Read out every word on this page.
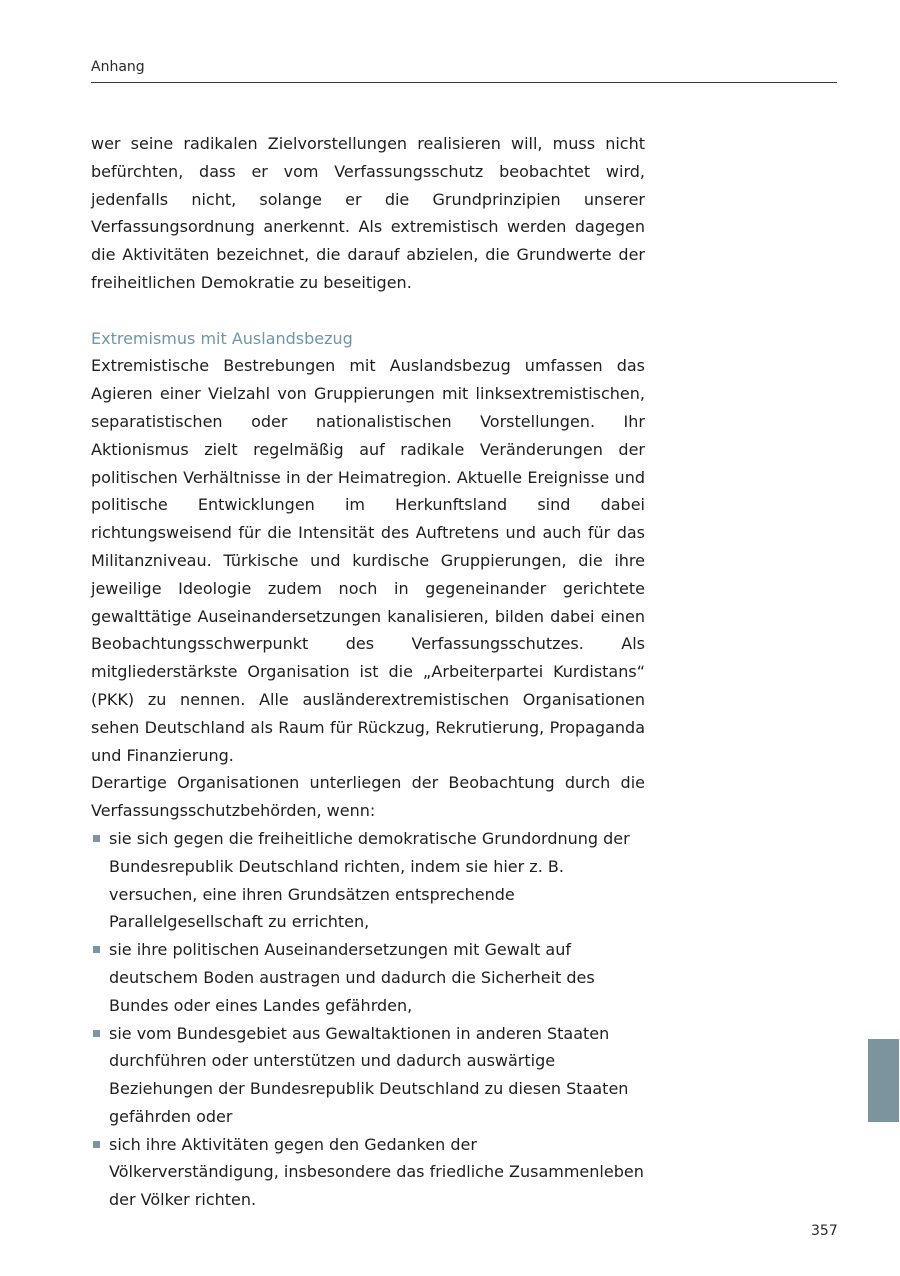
Anhang

wer seine radikalen Zielvorstellungen realisieren will, muss nicht befürchten, dass er vom Verfassungsschutz beobachtet wird, jedenfalls nicht, solange er die Grundprinzipien unserer Verfassungsordnung anerkennt. Als extremistisch werden dagegen die Aktivitäten bezeichnet, die darauf abzielen, die Grundwerte der freiheitlichen Demokratie zu beseitigen.

Extremismus mit Auslandsbezug

Extremistische Bestrebungen mit Auslandsbezug umfassen das Agieren einer Vielzahl von Gruppierungen mit linksextremistischen, separatistischen oder nationalistischen Vorstellungen. Ihr Aktionismus zielt regelmäßig auf radikale Veränderungen der politischen Verhältnisse in der Heimatregion. Aktuelle Ereignisse und politische Entwicklungen im Herkunftsland sind dabei richtungsweisend für die Intensität des Auftretens und auch für das Militanzniveau. Türkische und kurdische Gruppierungen, die ihre jeweilige Ideologie zudem noch in gegeneinander gerichtete gewalttätige Auseinandersetzungen kanalisieren, bilden dabei einen Beobachtungsschwerpunkt des Verfassungsschutzes. Als mitgliederstärkste Organisation ist die „Arbeiterpartei Kurdistans“ (PKK) zu nennen. Alle ausländerextremistischen Organisationen sehen Deutschland als Raum für Rückzug, Rekrutierung, Propaganda und Finanzierung.

Derartige Organisationen unterliegen der Beobachtung durch die Verfassungsschutzbehörden, wenn:

sie sich gegen die freiheitliche demokratische Grundordnung der Bundesrepublik Deutschland richten, indem sie hier z. B. versuchen, eine ihren Grundsätzen entsprechende Parallelgesellschaft zu errichten,
sie ihre politischen Auseinandersetzungen mit Gewalt auf deutschem Boden austragen und dadurch die Sicherheit des Bundes oder eines Landes gefährden,
sie vom Bundesgebiet aus Gewaltaktionen in anderen Staaten durchführen oder unterstützen und dadurch auswärtige Beziehungen der Bundesrepublik Deutschland zu diesen Staaten gefährden oder
sich ihre Aktivitäten gegen den Gedanken der Völkerverständigung, insbesondere das friedliche Zusammenleben der Völker richten.
357
